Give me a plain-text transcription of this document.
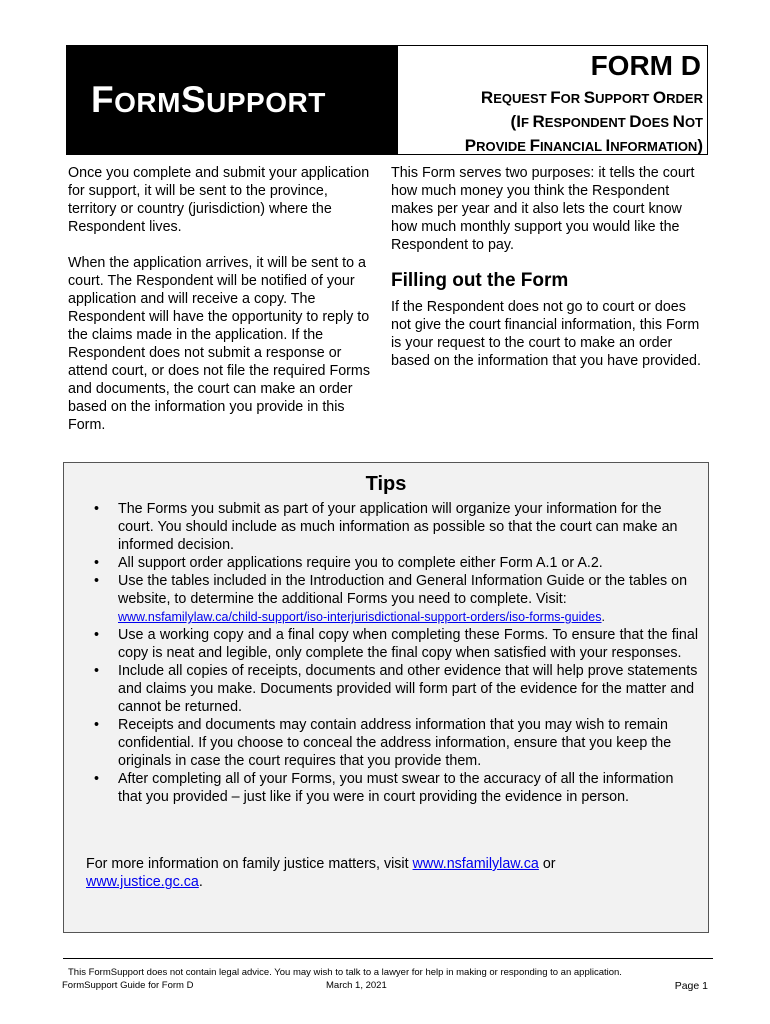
FORMSUPPORT
FORM D
REQUEST FOR SUPPORT ORDER
(IF RESPONDENT DOES NOT
PROVIDE FINANCIAL INFORMATION)

Once you complete and submit your application for support, it will be sent to the province, territory or country (jurisdiction) where the Respondent lives.

When the application arrives, it will be sent to a court. The Respondent will be notified of your application and will receive a copy. The Respondent will have the opportunity to reply to the claims made in the application. If the Respondent does not submit a response or attend court, or does not file the required Forms and documents, the court can make an order based on the information you provide in this Form.

This Form serves two purposes: it tells the court how much money you think the Respondent makes per year and it also lets the court know how much monthly support you would like the Respondent to pay.

Filling out the Form

If the Respondent does not go to court or does not give the court financial information, this Form is your request to the court to make an order based on the information that you have provided.

Tips
• The Forms you submit as part of your application will organize your information for the court. You should include as much information as possible so that the court can make an informed decision.
• All support order applications require you to complete either Form A.1 or A.2.
• Use the tables included in the Introduction and General Information Guide or the tables on website, to determine the additional Forms you need to complete. Visit:
www.nsfamilylaw.ca/child-support/iso-interjurisdictional-support-orders/iso-forms-guides.
• Use a working copy and a final copy when completing these Forms. To ensure that the final copy is neat and legible, only complete the final copy when satisfied with your responses.
• Include all copies of receipts, documents and other evidence that will help prove statements and claims you make. Documents provided will form part of the evidence for the matter and cannot be returned.
• Receipts and documents may contain address information that you may wish to remain confidential. If you choose to conceal the address information, ensure that you keep the originals in case the court requires that you provide them.
• After completing all of your Forms, you must swear to the accuracy of all the information that you provided – just like if you were in court providing the evidence in person.
For more information on family justice matters, visit www.nsfamilylaw.ca or
www.justice.gc.ca.
This FormSupport does not contain legal advice. You may wish to talk to a lawyer for help in making or responding to an application.
FormSupport Guide for Form D	March 1, 2021	Page 1
